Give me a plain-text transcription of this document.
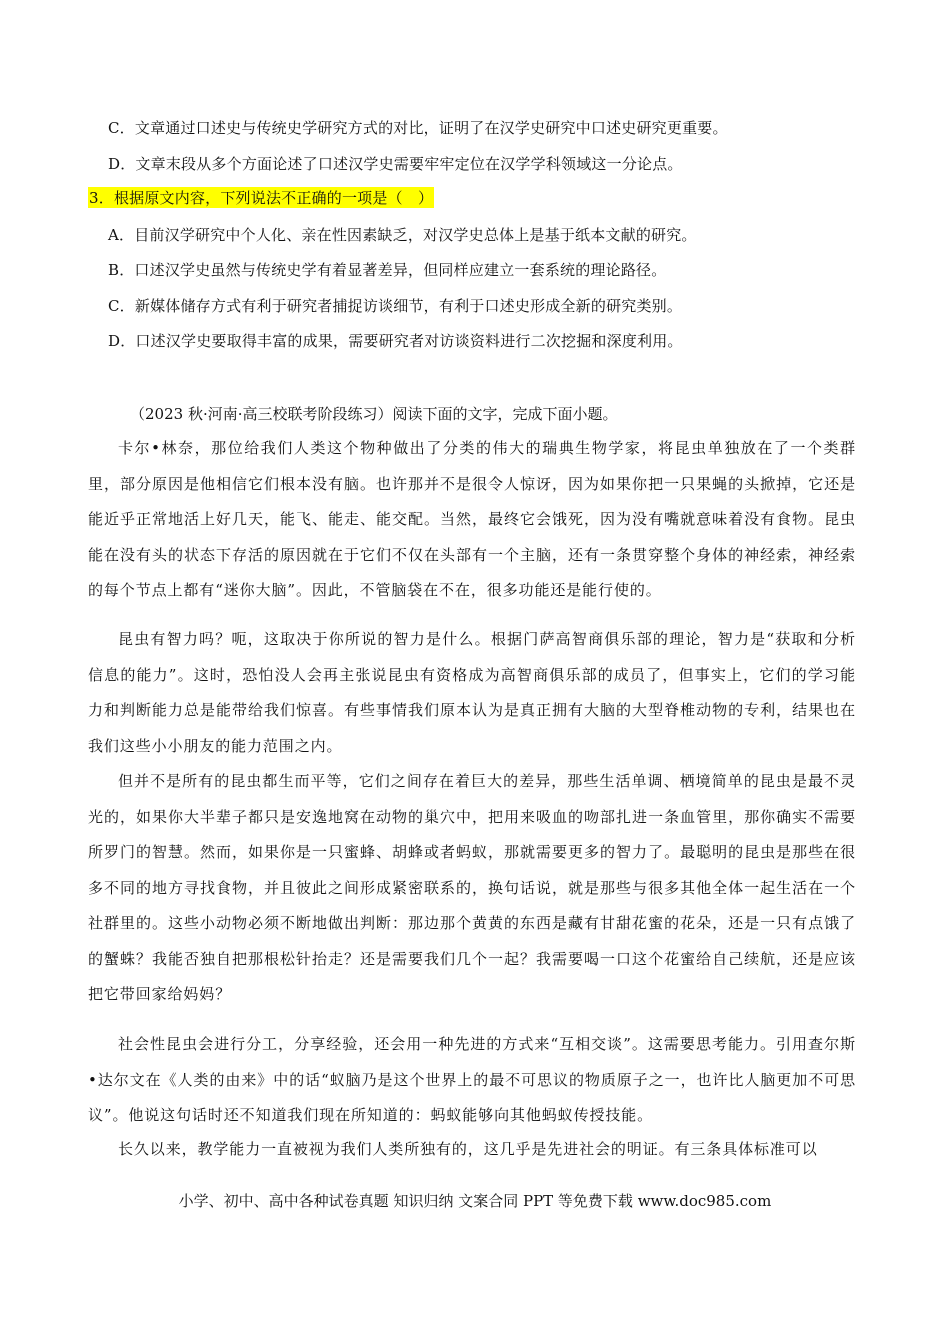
C．文章通过口述史与传统史学研究方式的对比，证明了在汉学史研究中口述史研究更重要。
D．文章末段从多个方面论述了口述汉学史需要牢牢定位在汉学学科领域这一分论点。
3．根据原文内容，下列说法不正确的一项是（　）
A．目前汉学研究中个人化、亲在性因素缺乏，对汉学史总体上是基于纸本文献的研究。
B．口述汉学史虽然与传统史学有着显著差异，但同样应建立一套系统的理论路径。
C．新媒体储存方式有利于研究者捕捉访谈细节，有利于口述史形成全新的研究类别。
D．口述汉学史要取得丰富的成果，需要研究者对访谈资料进行二次挖掘和深度利用。
（2023 秋·河南·高三校联考阶段练习）阅读下面的文字，完成下面小题。

卡尔•林奈，那位给我们人类这个物种做出了分类的伟大的瑞典生物学家，将昆虫单独放在了一个类群里，部分原因是他相信它们根本没有脑。也许那并不是很令人惊讶，因为如果你把一只果蝇的头掀掉，它还是能近乎正常地活上好几天，能飞、能走、能交配。当然，最终它会饿死，因为没有嘴就意味着没有食物。昆虫能在没有头的状态下存活的原因就在于它们不仅在头部有一个主脑，还有一条贯穿整个身体的神经索，神经索的每个节点上都有“迷你大脑”。因此，不管脑袋在不在，很多功能还是能行使的。

昆虫有智力吗？呃，这取决于你所说的智力是什么。根据门萨高智商俱乐部的理论，智力是“获取和分析信息的能力”。这时，恐怕没人会再主张说昆虫有资格成为高智商俱乐部的成员了，但事实上，它们的学习能力和判断能力总是能带给我们惊喜。有些事情我们原本认为是真正拥有大脑的大型脊椎动物的专利，结果也在我们这些小小朋友的能力范围之内。

但并不是所有的昆虫都生而平等，它们之间存在着巨大的差异，那些生活单调、栖境简单的昆虫是最不灵光的，如果你大半辈子都只是安逸地窝在动物的巢穴中，把用来吸血的吻部扎进一条血管里，那你确实不需要所罗门的智慧。然而，如果你是一只蜜蜂、胡蜂或者蚂蚁，那就需要更多的智力了。最聪明的昆虫是那些在很多不同的地方寻找食物，并且彼此之间形成紧密联系的，换句话说，就是那些与很多其他全体一起生活在一个社群里的。这些小动物必须不断地做出判断：那边那个黄黄的东西是藏有甘甜花蜜的花朵，还是一只有点饿了的蟹蛛？我能否独自把那根松针抬走？还是需要我们几个一起？我需要喝一口这个花蜜给自己续航，还是应该把它带回家给妈妈？

社会性昆虫会进行分工，分享经验，还会用一种先进的方式来“互相交谈”。这需要思考能力。引用查尔斯•达尔文在《人类的由来》中的话“蚁脑乃是这个世界上的最不可思议的物质原子之一，也许比人脑更加不可思议”。他说这句话时还不知道我们现在所知道的：蚂蚁能够向其他蚂蚁传授技能。

长久以来，教学能力一直被视为我们人类所独有的，这几乎是先进社会的明证。有三条具体标准可以

小学、初中、高中各种试卷真题 知识归纳 文案合同 PPT 等免费下载 www.doc985.com
